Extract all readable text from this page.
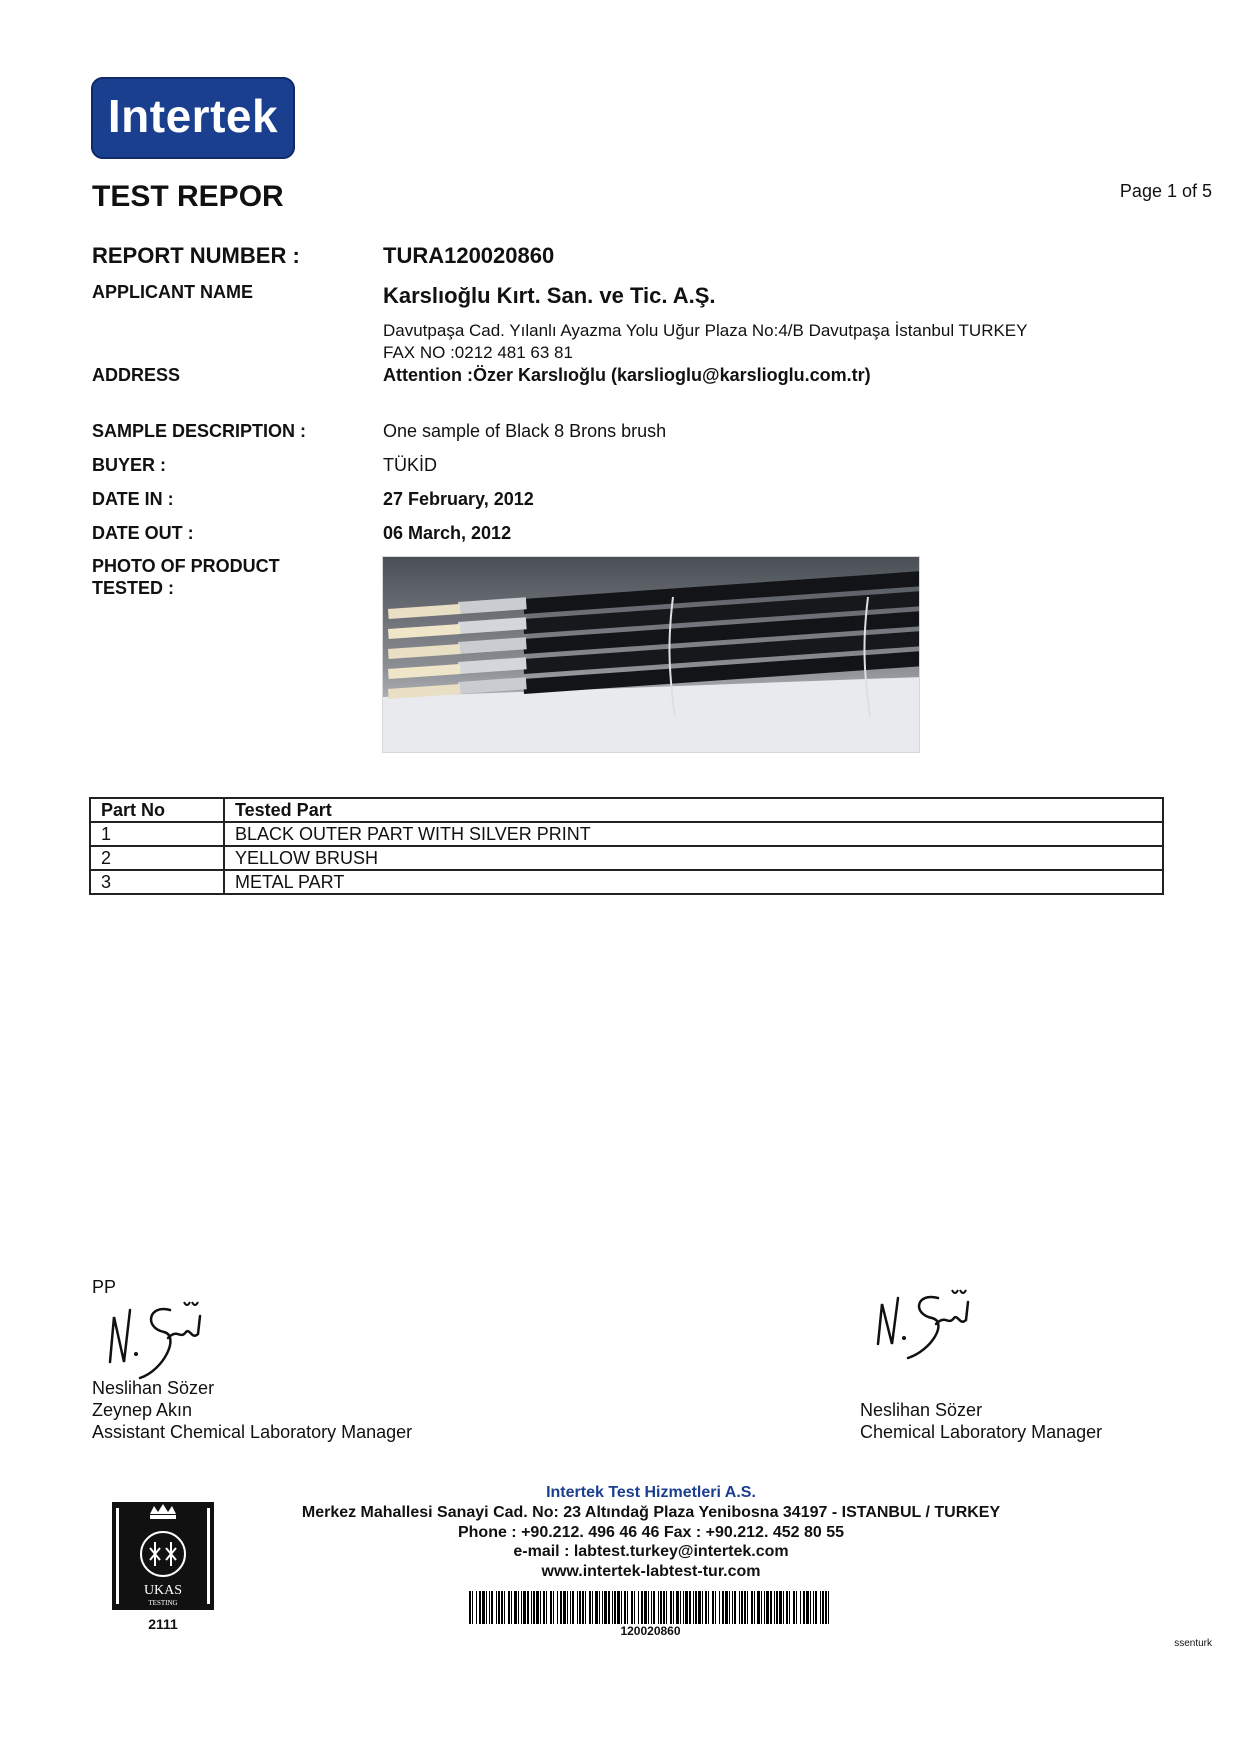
Intertek
TEST REPOR	Page 1 of 5
REPORT NUMBER :	TURA120020860
APPLICANT NAME	Karslıoğlu Kırt. San. ve Tic. A.Ş.
Davutpaşa Cad. Yılanlı Ayazma Yolu Uğur Plaza No:4/B Davutpaşa İstanbul TURKEY
FAX NO :0212 481 63 81
ADDRESS	Attention :Özer Karslıoğlu (karslioglu@karslioglu.com.tr)
SAMPLE DESCRIPTION :	One sample of Black 8 Brons brush
BUYER :	TÜKİD
DATE IN :	27 February, 2012
DATE OUT :	06 March, 2012
PHOTO OF PRODUCT
TESTED :
Part No	Tested Part
1	BLACK OUTER PART WITH SILVER PRINT
2	YELLOW BRUSH
3	METAL PART
PP
Neslihan Sözer
Zeynep Akın
Assistant Chemical Laboratory Manager
Neslihan Sözer
Chemical Laboratory Manager
UKAS
TESTING
2111
Intertek Test Hizmetleri A.S.
Merkez Mahallesi Sanayi Cad. No: 23 Altındağ Plaza Yenibosna 34197 - ISTANBUL / TURKEY
Phone : +90.212. 496 46 46 Fax : +90.212. 452 80 55
e-mail : labtest.turkey@intertek.com
www.intertek-labtest-tur.com
120020860
ssenturk
